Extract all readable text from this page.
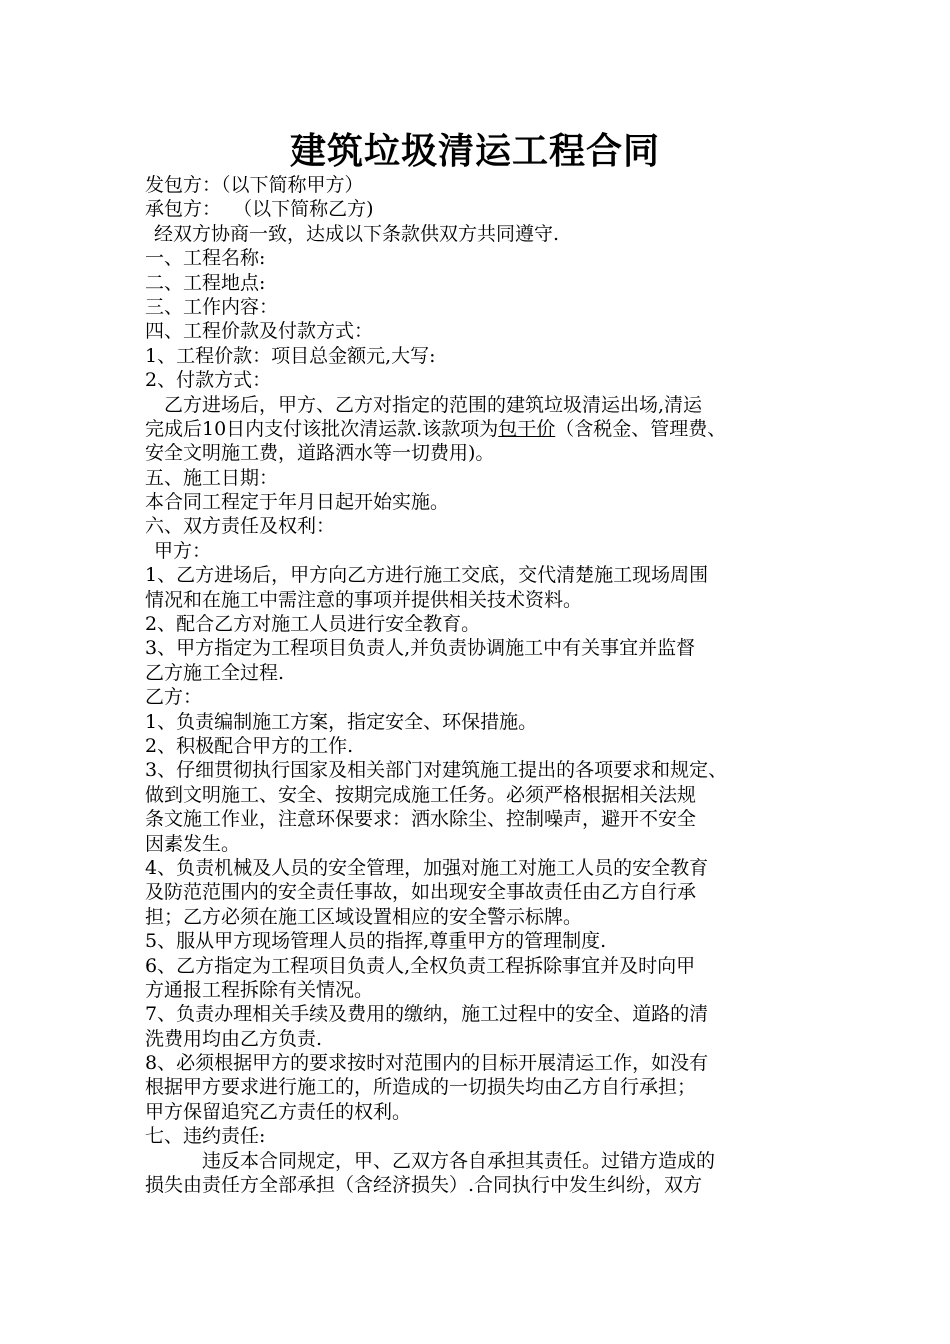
建筑垃圾清运工程合同
发包方：（以下简称甲方）
承包方：  （以下简称乙方)
经双方协商一致，达成以下条款供双方共同遵守.
一、工程名称:
二、工程地点:
三、工作内容：
四、工程价款及付款方式：
1、工程价款：项目总金额元,大写:
2、付款方式：
乙方进场后，甲方、乙方对指定的范围的建筑垃圾清运出场,清运
完成后10日内支付该批次清运款.该款项为包干价（含税金、管理费、
安全文明施工费，道路洒水等一切费用)。
五、施工日期：
本合同工程定于年月日起开始实施。
六、双方责任及权利：
甲方：
1、乙方进场后，甲方向乙方进行施工交底，交代清楚施工现场周围
情况和在施工中需注意的事项并提供相关技术资料。
2、配合乙方对施工人员进行安全教育。
3、甲方指定为工程项目负责人,并负责协调施工中有关事宜并监督
乙方施工全过程.
乙方：
1、负责编制施工方案，指定安全、环保措施。
2、积极配合甲方的工作.
3、仔细贯彻执行国家及相关部门对建筑施工提出的各项要求和规定、
做到文明施工、安全、按期完成施工任务。必须严格根据相关法规
条文施工作业，注意环保要求：洒水除尘、控制噪声，避开不安全
因素发生。
4、负责机械及人员的安全管理，加强对施工对施工人员的安全教育
及防范范围内的安全责任事故，如出现安全事故责任由乙方自行承
担；乙方必须在施工区域设置相应的安全警示标牌。
5、服从甲方现场管理人员的指挥,尊重甲方的管理制度.
6、乙方指定为工程项目负责人,全权负责工程拆除事宜并及时向甲
方通报工程拆除有关情况。
7、负责办理相关手续及费用的缴纳，施工过程中的安全、道路的清
洗费用均由乙方负责.
8、必须根据甲方的要求按时对范围内的目标开展清运工作，如没有
根据甲方要求进行施工的，所造成的一切损失均由乙方自行承担；
甲方保留追究乙方责任的权利。
七、违约责任:
违反本合同规定，甲、乙双方各自承担其责任。过错方造成的
损失由责任方全部承担（含经济损失）.合同执行中发生纠纷，双方
